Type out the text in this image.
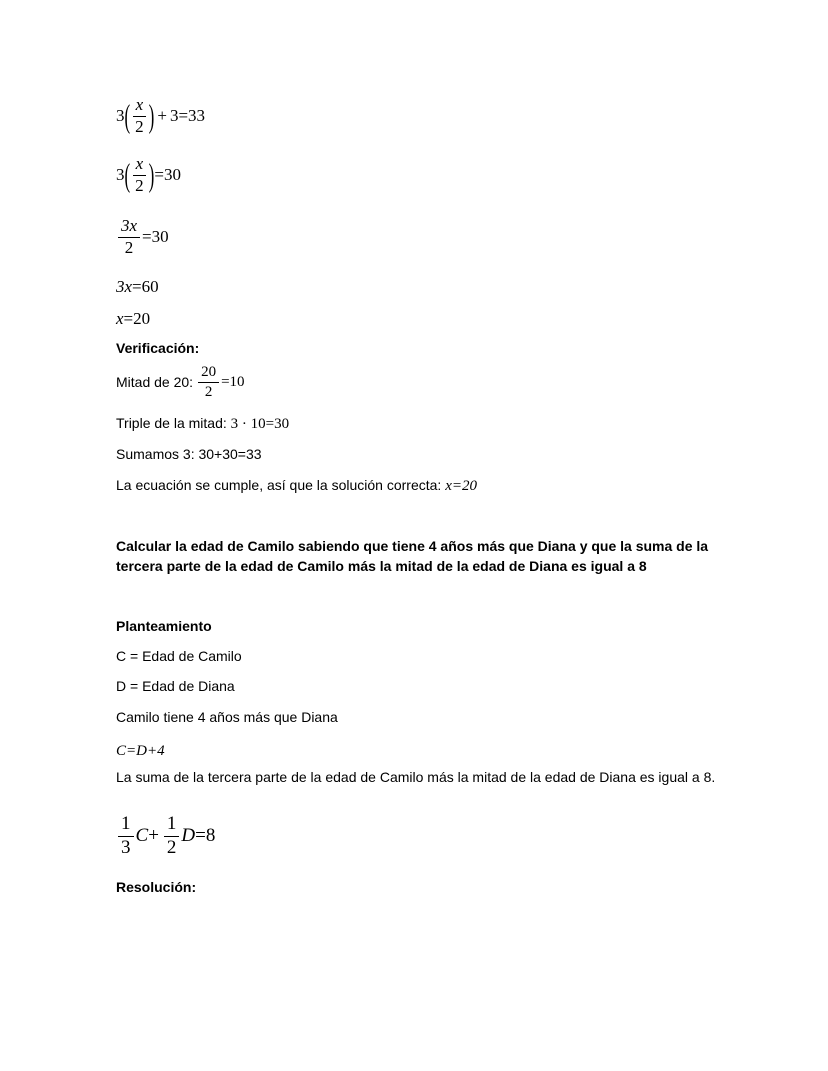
3 ( $\frac{x}{2}$ ) + 3 = 33
3 ( $\frac{x}{2}$ ) = 30
$\frac{3x}{2} = 30$
3x = 60
x = 20
Verificación:
Mitad de 20: $\frac{20}{2} =10$
Triple de la mitad: 3 · 10=30
Sumamos 3: 30+30=33
La ecuación se cumple, así que la solución correcta: x=20
Calcular la edad de Camilo sabiendo que tiene 4 años más que Diana y que la suma de la tercera parte de la edad de Camilo más la mitad de la edad de Diana es igual a 8
Planteamiento
C = Edad de Camilo
D = Edad de Diana
Camilo tiene 4 años más que Diana
C=D+4
La suma de la tercera parte de la edad de Camilo más la mitad de la edad de Diana es igual a 8.
$\frac{1}{3}$ $C + \frac{1}{2}$ D =8
Resolución:
